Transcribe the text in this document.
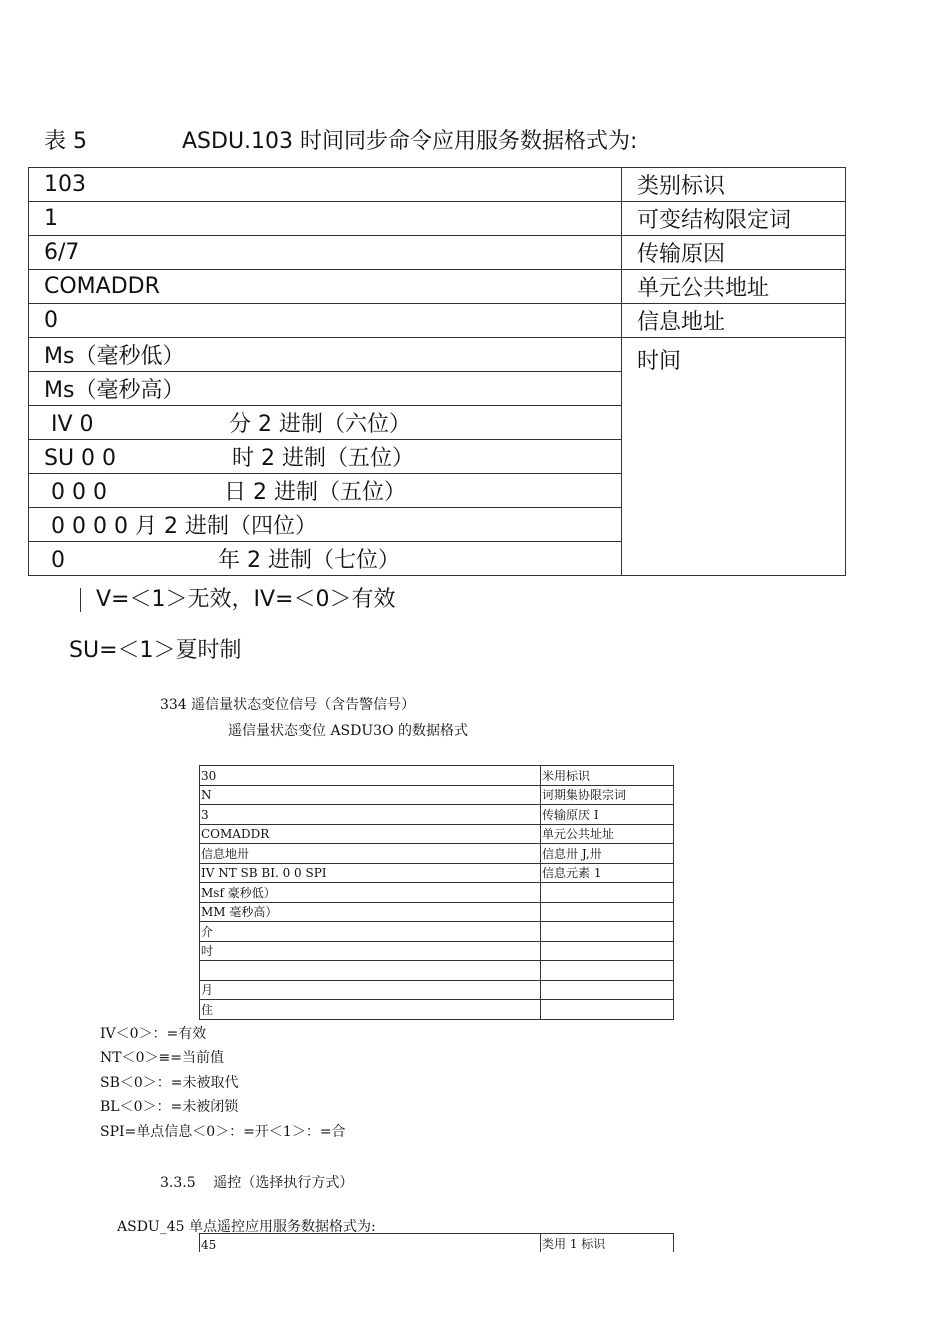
表 5	ASDU.103 时间同步命令应用服务数据格式为:
103	类别标识
1	可变结构限定词
6/7	传输原因
COMADDR	单元公共地址
0	信息地址
Ms（毫秒低）	时间
Ms（毫秒高）	
IV 0 分 2 进制（六位）	
SU 0 0 时 2 进制（五位）	
0 0 0 日 2 进制（五位）	
0 0 0 0 月 2 进制（四位）	
0 年 2 进制（七位）	
V=＜1＞无效，IV=＜0＞有效
SU=＜1＞夏时制
334 遥信量状态变位信号（含告警信号）
遥信量状态变位 ASDU3O 的数据格式
30	米用标识
N	诃期集协限宗词
3	传输原厌 I
COMADDR	单元公共址址
信息地卅	信息卅 J,卅
IV NT SB BI. 0 0 SPI	信息元素 1
Msf 豪秒低）	
MM 毫秒高）	
介	
吋	

月	
住	
IV＜0＞：=有效
NT＜0＞≡=当前值
SB＜0＞：=未被取代
BL＜0＞：=未被闭锁
SPI=单点信息＜0＞：=开＜1＞：=合
3.3.5    遥控（选择执行方式）
ASDU_45 单点遥控应用服务数据格式为:
45	类用 1 标识
